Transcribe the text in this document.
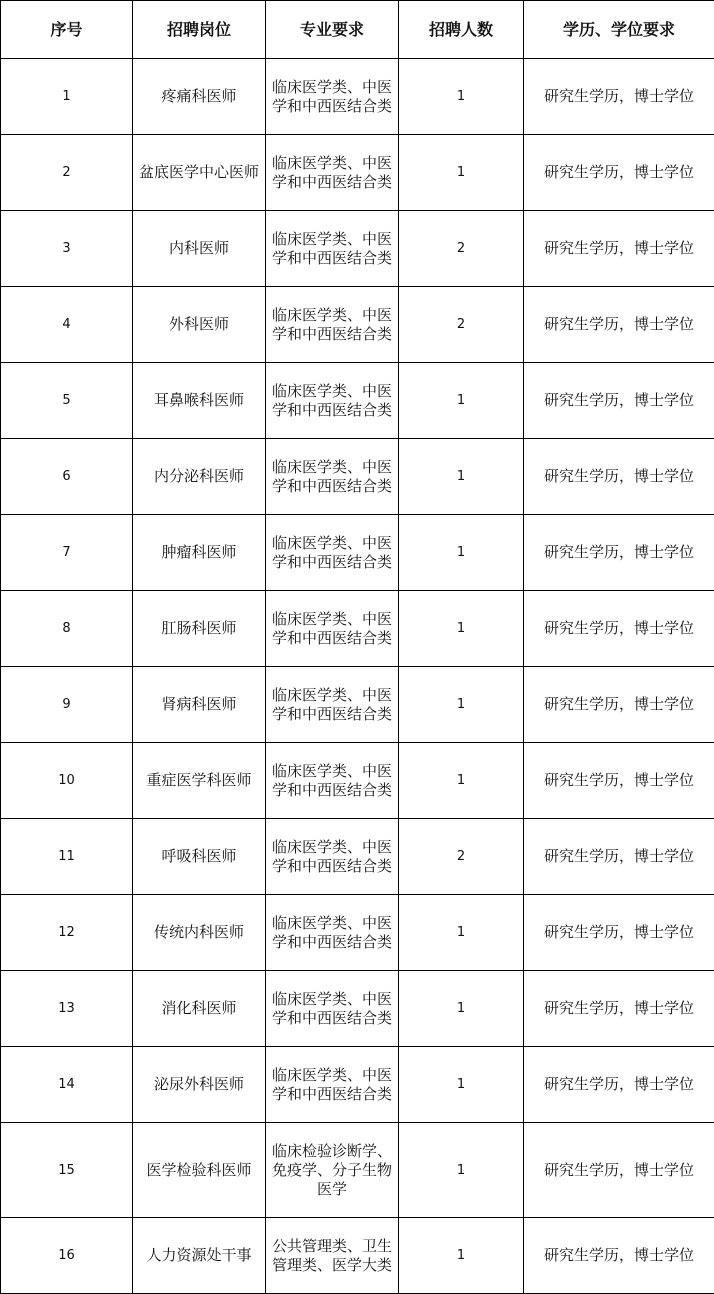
序号	招聘岗位	专业要求	招聘人数	学历、学位要求
1	疼痛科医师	临床医学类、中医学和中西医结合类	1	研究生学历，博士学位
2	盆底医学中心医师	临床医学类、中医学和中西医结合类	1	研究生学历，博士学位
3	内科医师	临床医学类、中医学和中西医结合类	2	研究生学历，博士学位
4	外科医师	临床医学类、中医学和中西医结合类	2	研究生学历，博士学位
5	耳鼻喉科医师	临床医学类、中医学和中西医结合类	1	研究生学历，博士学位
6	内分泌科医师	临床医学类、中医学和中西医结合类	1	研究生学历，博士学位
7	肿瘤科医师	临床医学类、中医学和中西医结合类	1	研究生学历，博士学位
8	肛肠科医师	临床医学类、中医学和中西医结合类	1	研究生学历，博士学位
9	肾病科医师	临床医学类、中医学和中西医结合类	1	研究生学历，博士学位
10	重症医学科医师	临床医学类、中医学和中西医结合类	1	研究生学历，博士学位
11	呼吸科医师	临床医学类、中医学和中西医结合类	2	研究生学历，博士学位
12	传统内科医师	临床医学类、中医学和中西医结合类	1	研究生学历，博士学位
13	消化科医师	临床医学类、中医学和中西医结合类	1	研究生学历，博士学位
14	泌尿外科医师	临床医学类、中医学和中西医结合类	1	研究生学历，博士学位
15	医学检验科医师	临床检验诊断学、免疫学、分子生物医学	1	研究生学历，博士学位
16	人力资源处干事	公共管理类、卫生管理类、医学大类	1	研究生学历，博士学位
